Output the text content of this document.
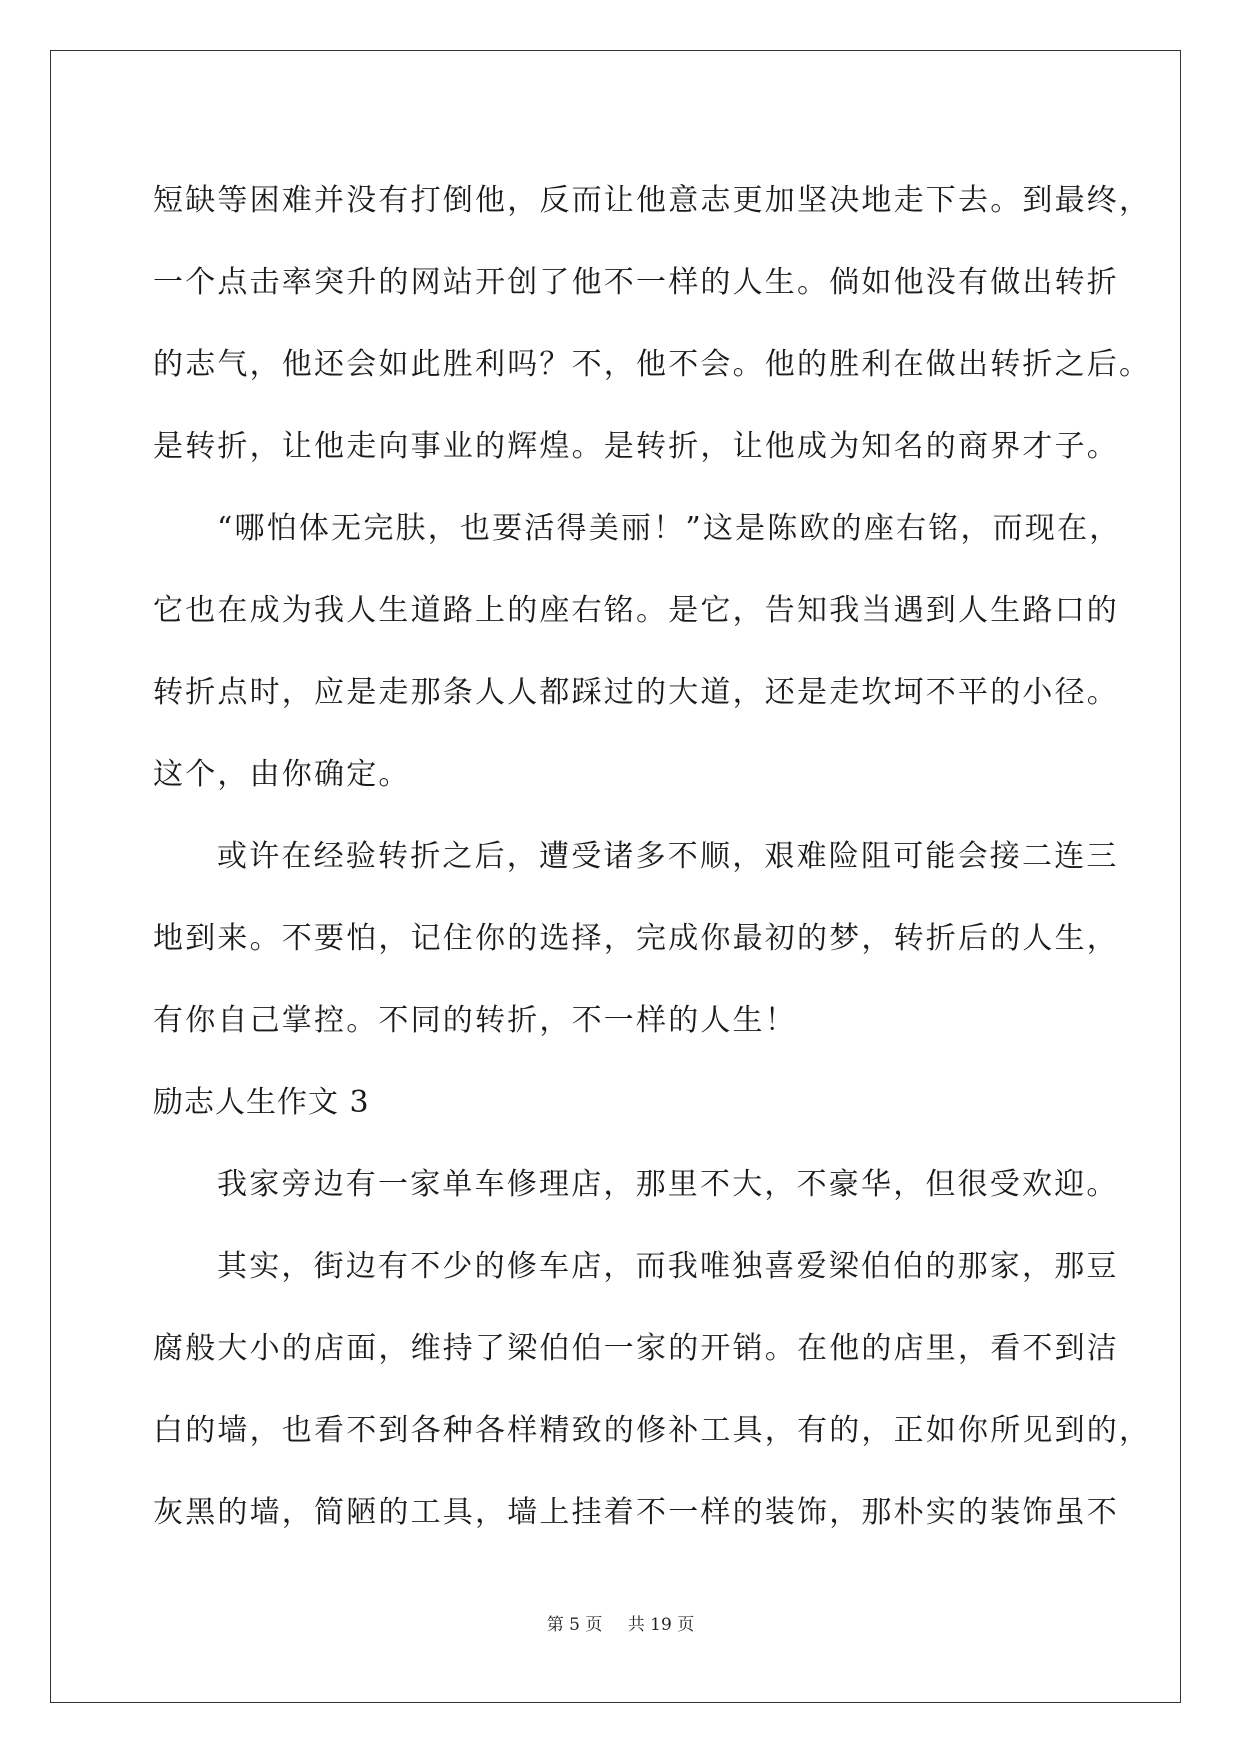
短缺等困难并没有打倒他，反而让他意志更加坚决地走下去。到最终，
一个点击率突升的网站开创了他不一样的人生。倘如他没有做出转折
的志气，他还会如此胜利吗？不，他不会。他的胜利在做出转折之后。
是转折，让他走向事业的辉煌。是转折，让他成为知名的商界才子。
“哪怕体无完肤，也要活得美丽！”这是陈欧的座右铭，而现在，
它也在成为我人生道路上的座右铭。是它，告知我当遇到人生路口的
转折点时，应是走那条人人都踩过的大道，还是走坎坷不平的小径。
这个，由你确定。
或许在经验转折之后，遭受诸多不顺，艰难险阻可能会接二连三
地到来。不要怕，记住你的选择，完成你最初的梦，转折后的人生，
有你自己掌控。不同的转折，不一样的人生！
励志人生作文 3
我家旁边有一家单车修理店，那里不大，不豪华，但很受欢迎。
其实，街边有不少的修车店，而我唯独喜爱梁伯伯的那家，那豆
腐般大小的店面，维持了梁伯伯一家的开销。在他的店里，看不到洁
白的墙，也看不到各种各样精致的修补工具，有的，正如你所见到的，
灰黑的墙，简陋的工具，墙上挂着不一样的装饰，那朴实的装饰虽不
第 5 页 共 19 页
